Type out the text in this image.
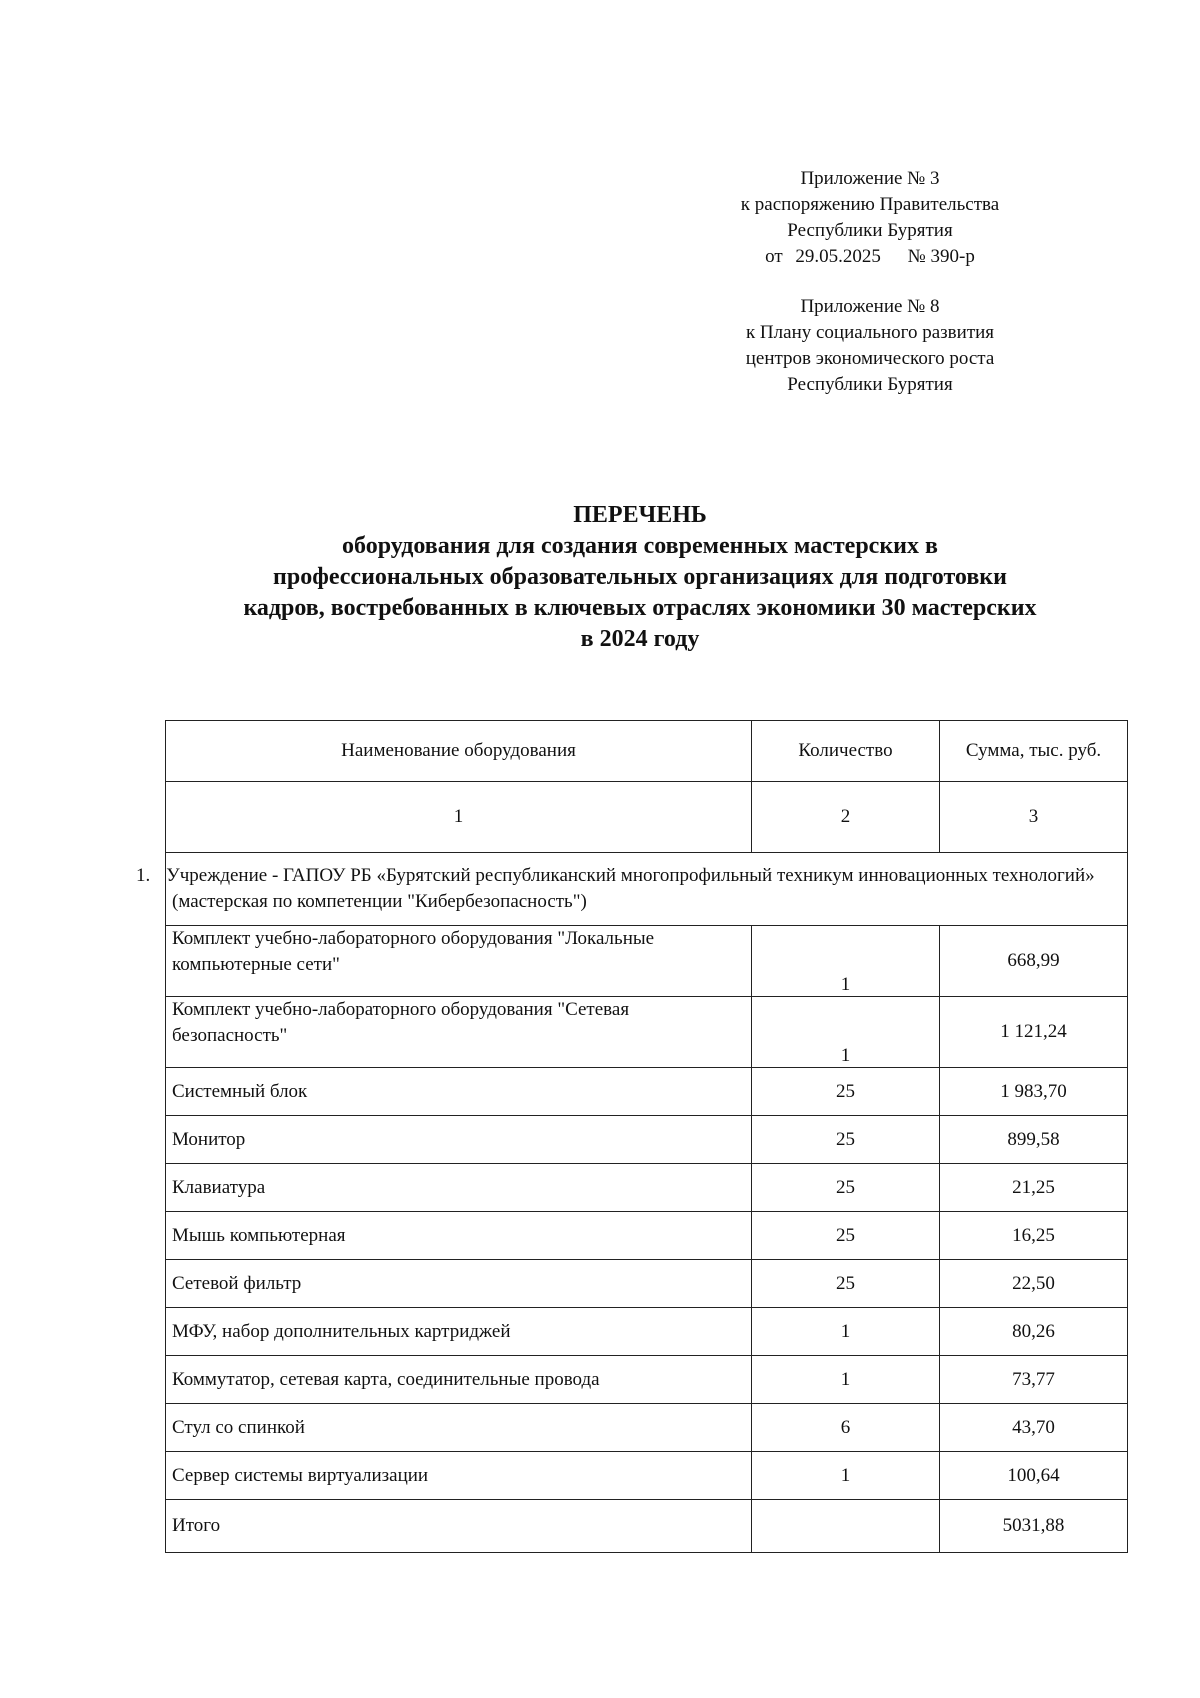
Приложение № 3
к распоряжению Правительства
Республики Бурятия
от 29.05.2025 № 390-р
Приложение № 8
к Плану социального развития
центров экономического роста
Республики Бурятия
ПЕРЕЧЕНЬ
оборудования для создания современных мастерских в
профессиональных образовательных организациях для подготовки
кадров, востребованных в ключевых отраслях экономики 30 мастерских
в 2024 году
Наименование оборудования	Количество	Сумма, тыс. руб.
1	2	3
1. Учреждение - ГАПОУ РБ «Бурятский республиканский многопрофильный техникум инновационных технологий» (мастерская по компетенции "Кибербезопасность")		
Комплект учебно-лабораторного оборудования "Локальные компьютерные сети"	1	668,99
Комплект учебно-лабораторного оборудования "Сетевая безопасность"	1	1 121,24
Системный блок	25	1 983,70
Монитор	25	899,58
Клавиатура	25	21,25
Мышь компьютерная	25	16,25
Сетевой фильтр	25	22,50
МФУ, набор дополнительных картриджей	1	80,26
Коммутатор, сетевая карта, соединительные провода	1	73,77
Стул со спинкой	6	43,70
Сервер системы виртуализации	1	100,64
Итого		5031,88
